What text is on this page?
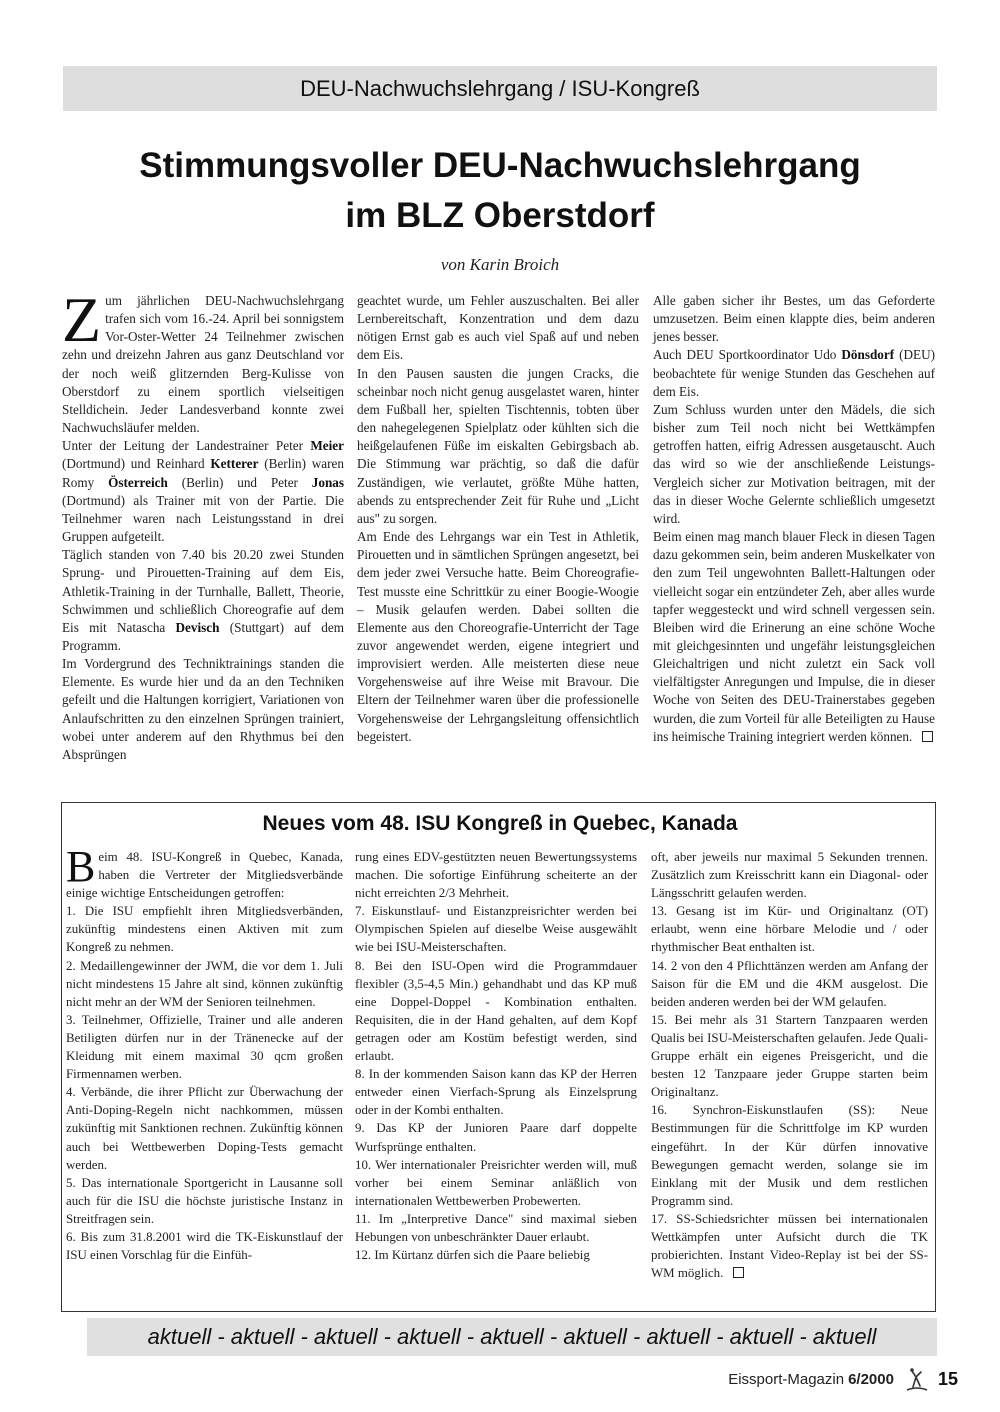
DEU-Nachwuchslehrgang / ISU-Kongreß
Stimmungsvoller DEU-Nachwuchslehrgang
im BLZ Oberstdorf
von Karin Broich

Zum jährlichen DEU-Nachwuchslehrgang trafen sich vom 16.-24. April bei sonnigstem Vor-Oster-Wetter 24 Teilnehmer zwischen zehn und dreizehn Jahren aus ganz Deutschland vor der noch weiß glitzernden Berg-Kulisse von Oberstdorf zu einem sportlich vielseitigen Stelldichein. Jeder Landesverband konnte zwei Nachwuchsläufer melden.

Unter der Leitung der Landestrainer Peter Meier (Dortmund) und Reinhard Ketterer (Berlin) waren Romy Österreich (Berlin) und Peter Jonas (Dortmund) als Trainer mit von der Partie. Die Teilnehmer waren nach Leistungsstand in drei Gruppen aufgeteilt.

Täglich standen von 7.40 bis 20.20 zwei Stunden Sprung- und Pirouetten-Training auf dem Eis, Athletik-Training in der Turnhalle, Ballett, Theorie, Schwimmen und schließlich Choreografie auf dem Eis mit Natascha Devisch (Stuttgart) auf dem Programm.

Im Vordergrund des Techniktrainings standen die Elemente. Es wurde hier und da an den Techniken gefeilt und die Haltungen korrigiert, Variationen von Anlaufschritten zu den einzelnen Sprüngen trainiert, wobei unter anderem auf den Rhythmus bei den Absprüngen

geachtet wurde, um Fehler auszuschalten. Bei aller Lernbereitschaft, Konzentration und dem dazu nötigen Ernst gab es auch viel Spaß auf und neben dem Eis.

In den Pausen sausten die jungen Cracks, die scheinbar noch nicht genug ausgelastet waren, hinter dem Fußball her, spielten Tischtennis, tobten über den nahegelegenen Spielplatz oder kühlten sich die heißgelaufenen Füße im eiskalten Gebirgsbach ab. Die Stimmung war prächtig, so daß die dafür Zuständigen, wie verlautet, größte Mühe hatten, abends zu entsprechender Zeit für Ruhe und „Licht aus" zu sorgen.

Am Ende des Lehrgangs war ein Test in Athletik, Pirouetten und in sämtlichen Sprüngen angesetzt, bei dem jeder zwei Versuche hatte. Beim Choreografie-Test musste eine Schrittkür zu einer Boogie-Woogie – Musik gelaufen werden. Dabei sollten die Elemente aus den Choreografie-Unterricht der Tage zuvor angewendet werden, eigene integriert und improvisiert werden. Alle meisterten diese neue Vorgehensweise auf ihre Weise mit Bravour. Die Eltern der Teilnehmer waren über die professionelle Vorgehensweise der Lehrgangsleitung offensichtlich begeistert.

Alle gaben sicher ihr Bestes, um das Geforderte umzusetzen. Beim einen klappte dies, beim anderen jenes besser.

Auch DEU Sportkoordinator Udo Dönsdorf (DEU) beobachtete für wenige Stunden das Geschehen auf dem Eis.

Zum Schluss wurden unter den Mädels, die sich bisher zum Teil noch nicht bei Wettkämpfen getroffen hatten, eifrig Adressen ausgetauscht. Auch das wird so wie der anschließende Leistungs-Vergleich sicher zur Motivation beitragen, mit der das in dieser Woche Gelernte schließlich umgesetzt wird.

Beim einen mag manch blauer Fleck in diesen Tagen dazu gekommen sein, beim anderen Muskelkater von den zum Teil ungewohnten Ballett-Haltungen oder vielleicht sogar ein entzündeter Zeh, aber alles wurde tapfer weggesteckt und wird schnell vergessen sein. Bleiben wird die Erinerung an eine schöne Woche mit gleichgesinnten und ungefähr leistungsgleichen Gleichaltrigen und nicht zuletzt ein Sack voll vielfältigster Anregungen und Impulse, die in dieser Woche von Seiten des DEU-Trainerstabes gegeben wurden, die zum Vorteil für alle Beteiligten zu Hause ins heimische Training integriert werden können.

Neues vom 48. ISU Kongreß in Quebec, Kanada

Beim 48. ISU-Kongreß in Quebec, Kanada, haben die Vertreter der Mitgliedsverbände einige wichtige Entscheidungen getroffen:

1. Die ISU empfiehlt ihren Mitgliedsverbänden, zukünftig mindestens einen Aktiven mit zum Kongreß zu nehmen.

2. Medaillengewinner der JWM, die vor dem 1. Juli nicht mindestens 15 Jahre alt sind, können zukünftig nicht mehr an der WM der Senioren teilnehmen.

3. Teilnehmer, Offizielle, Trainer und alle anderen Betiligten dürfen nur in der Tränenecke auf der Kleidung mit einem maximal 30 qcm großen Firmennamen werben.

4. Verbände, die ihrer Pflicht zur Überwachung der Anti-Doping-Regeln nicht nachkommen, müssen zukünftig mit Sanktionen rechnen. Zukünftig können auch bei Wettbewerben Doping-Tests gemacht werden.

5. Das internationale Sportgericht in Lausanne soll auch für die ISU die höchste juristische Instanz in Streitfragen sein.

6. Bis zum 31.8.2001 wird die TK-Eiskunstlauf der ISU einen Vorschlag für die Einfüh-

rung eines EDV-gestützten neuen Bewertungssystems machen. Die sofortige Einführung scheiterte an der nicht erreichten 2/3 Mehrheit.

7. Eiskunstlauf- und Eistanzpreisrichter werden bei Olympischen Spielen auf dieselbe Weise ausgewählt wie bei ISU-Meisterschaften.

8. Bei den ISU-Open wird die Programmdauer flexibler (3,5-4,5 Min.) gehandhabt und das KP muß eine Doppel-Doppel - Kombination enthalten. Requisiten, die in der Hand gehalten, auf dem Kopf getragen oder am Kostüm befestigt werden, sind erlaubt.

8. In der kommenden Saison kann das KP der Herren entweder einen Vierfach-Sprung als Einzelsprung oder in der Kombi enthalten.

9. Das KP der Junioren Paare darf doppelte Wurfsprünge enthalten.

10. Wer internationaler Preisrichter werden will, muß vorher bei einem Seminar anläßlich von internationalen Wettbewerben Probewerten.

11. Im „Interpretive Dance" sind maximal sieben Hebungen von unbeschränkter Dauer erlaubt.

12. Im Kürtanz dürfen sich die Paare beliebig

oft, aber jeweils nur maximal 5 Sekunden trennen. Zusätzlich zum Kreisschritt kann ein Diagonal- oder Längsschritt gelaufen werden.

13. Gesang ist im Kür- und Originaltanz (OT) erlaubt, wenn eine hörbare Melodie und / oder rhythmischer Beat enthalten ist.

14. 2 von den 4 Pflichttänzen werden am Anfang der Saison für die EM und die 4KM ausgelost. Die beiden anderen werden bei der WM gelaufen.

15. Bei mehr als 31 Startern Tanzpaaren werden Qualis bei ISU-Meisterschaften gelaufen. Jede Quali-Gruppe erhält ein eigenes Preisgericht, und die besten 12 Tanzpaare jeder Gruppe starten beim Originaltanz.

16. Synchron-Eiskunstlaufen (SS): Neue Bestimmungen für die Schrittfolge im KP wurden eingeführt. In der Kür dürfen innovative Bewegungen gemacht werden, solange sie im Einklang mit der Musik und dem restlichen Programm sind.

17. SS-Schiedsrichter müssen bei internationalen Wettkämpfen unter Aufsicht durch die TK probierichten. Instant Video-Replay ist bei der SS-WM möglich.

aktuell - aktuell - aktuell - aktuell - aktuell - aktuell - aktuell - aktuell - aktuell
Eissport-Magazin 6/2000 15
